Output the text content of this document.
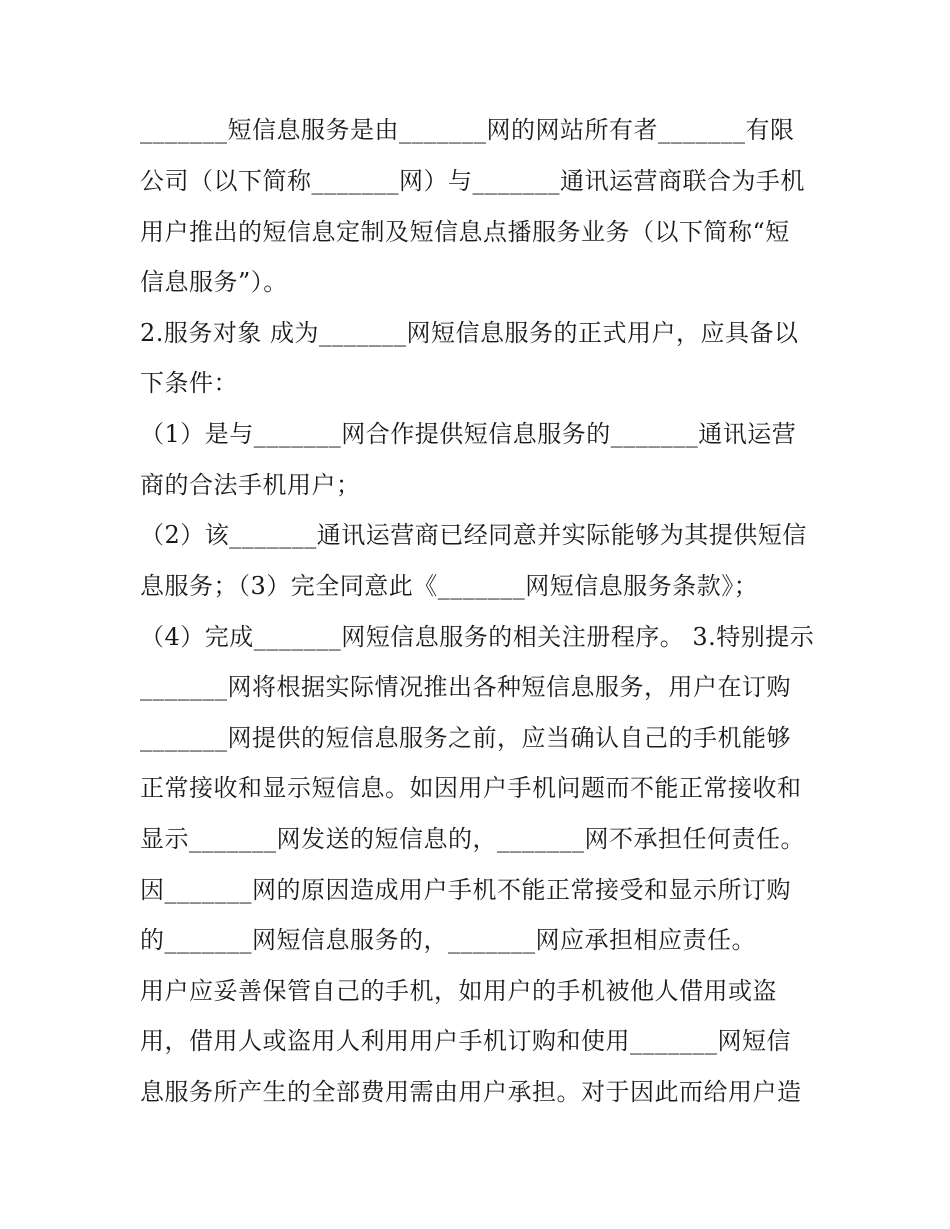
_______短信息服务是由_______网的网站所有者_______有限
公司（以下简称_______网）与_______通讯运营商联合为手机
用户推出的短信息定制及短信息点播服务业务（以下简称“短
信息服务”）。
2.服务对象 成为_______网短信息服务的正式用户，应具备以
下条件：
（1）是与_______网合作提供短信息服务的_______通讯运营
商的合法手机用户；
（2）该_______通讯运营商已经同意并实际能够为其提供短信
息服务；（3）完全同意此《_______网短信息服务条款》；
（4）完成_______网短信息服务的相关注册程序。 3.特别提示
_______网将根据实际情况推出各种短信息服务，用户在订购
_______网提供的短信息服务之前，应当确认自己的手机能够
正常接收和显示短信息。如因用户手机问题而不能正常接收和
显示_______网发送的短信息的，_______网不承担任何责任。
因_______网的原因造成用户手机不能正常接受和显示所订购
的_______网短信息服务的，_______网应承担相应责任。
用户应妥善保管自己的手机，如用户的手机被他人借用或盗
用，借用人或盗用人利用用户手机订购和使用_______网短信
息服务所产生的全部费用需由用户承担。对于因此而给用户造
